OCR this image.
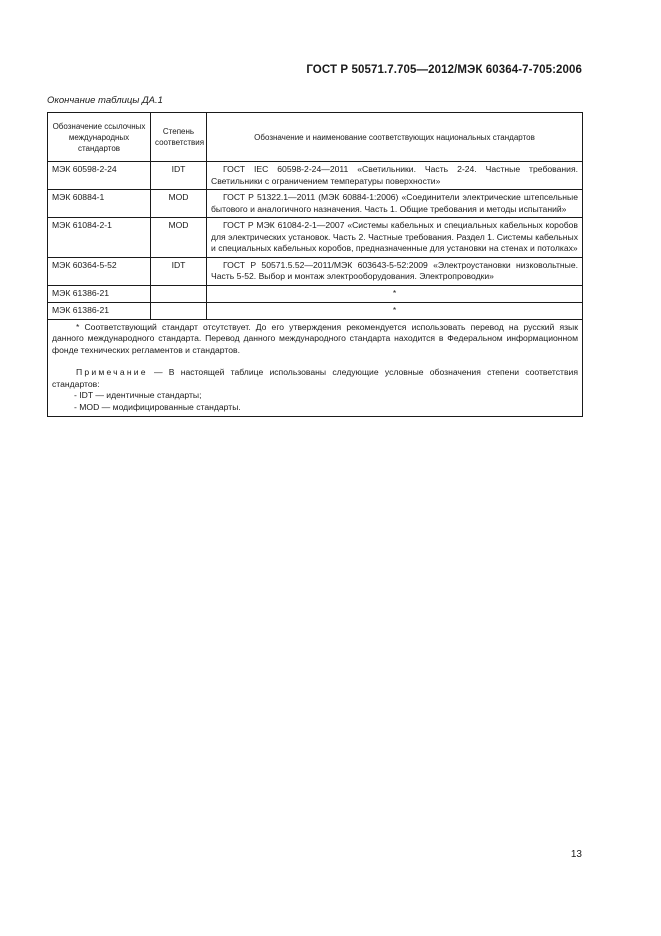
ГОСТ Р 50571.7.705—2012/МЭК 60364-7-705:2006
Окончание таблицы ДА.1
Обозначение ссылочных международных стандартов	Степень соответствия	Обозначение и наименование соответствующих национальных стандартов
МЭК 60598-2-24	IDT	ГОСТ IEC 60598-2-24—2011 «Светильники. Часть 2-24. Частные требования. Светильники с ограничением температуры поверхности»
МЭК 60884-1	MOD	ГОСТ Р 51322.1—2011 (МЭК 60884-1:2006) «Соединители электрические штепсельные бытового и аналогичного назначения. Часть 1. Общие требования и методы испытаний»
МЭК 61084-2-1	MOD	ГОСТ Р МЭК 61084-2-1—2007 «Системы кабельных и специальных кабельных коробов для электрических установок. Часть 2. Частные требования. Раздел 1. Системы кабельных и специальных кабельных коробов, предназначенные для установки на стенах и потолках»
МЭК 60364-5-52	IDT	ГОСТ Р 50571.5.52—2011/МЭК 603643-5-52:2009 «Электроустановки низковольтные. Часть 5-52. Выбор и монтаж электрооборудования. Электропроводки»
МЭК 61386-21		*
МЭК 61386-21		*

* Соответствующий стандарт отсутствует. До его утверждения рекомендуется использовать перевод на русский язык данного международного стандарта. Перевод данного международного стандарта находится в Федеральном информационном фонде технических регламентов и стандартов.

Примечание — В настоящей таблице использованы следующие условные обозначения степени соответствия стандартов:

- IDT — идентичные стандарты;

- MOD — модифицированные стандарты.		

13
